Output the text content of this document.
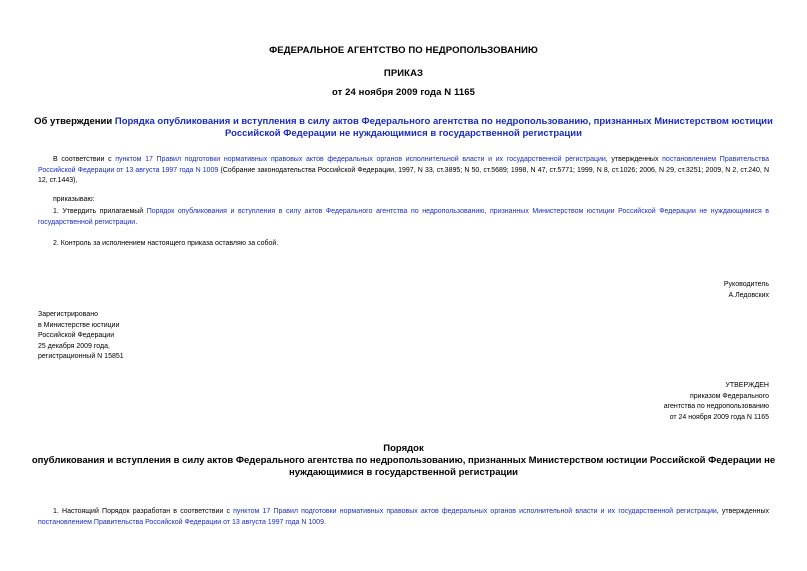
ФЕДЕРАЛЬНОЕ АГЕНТСТВО ПО НЕДРОПОЛЬЗОВАНИЮ
ПРИКАЗ
от 24 ноября 2009 года N 1165
Об утверждении Порядка опубликования и вступления в силу актов Федерального агентства по недропользованию, признанных Министерством юстиции
Российской Федерации не нуждающимися в государственной регистрации
В соответствии с пунктом 17 Правил подготовки нормативных правовых актов федеральных органов исполнительной власти и их государственной регистрации, утвержденных постановлением Правительства Российской Федерации от 13 августа 1997 года N 1009 (Собрание законодательства Российской Федерации, 1997, N 33, ст.3895; N 50, ст.5689; 1998, N 47, ст.5771; 1999, N 8, ст.1026; 2006, N 29, ст.3251; 2009, N 2, ст.240, N 12, ст.1443),
приказываю:
1. Утвердить прилагаемый Порядок опубликования и вступления в силу актов Федерального агентства по недропользованию, признанных Министерством юстиции Российской Федерации не нуждающимися в государственной регистрации.
2. Контроль за исполнением настоящего приказа оставляю за собой.
Руководитель
А.Ледовских
Зарегистрировано
в Министерстве юстиции
Российской Федерации
25 декабря 2009 года,
регистрационный N 15851
УТВЕРЖДЕН
приказом Федерального
агентства по недропользованию
от 24 ноября 2009 года N 1165
Порядок
опубликования и вступления в силу актов Федерального агентства по недропользованию, признанных Министерством юстиции Российской Федерации не
нуждающимися в государственной регистрации
1. Настоящий Порядок разработан в соответствии с пунктом 17 Правил подготовки нормативных правовых актов федеральных органов исполнительной власти и их государственной регистрации, утвержденных постановлением Правительства Российской Федерации от 13 августа 1997 года N 1009.
